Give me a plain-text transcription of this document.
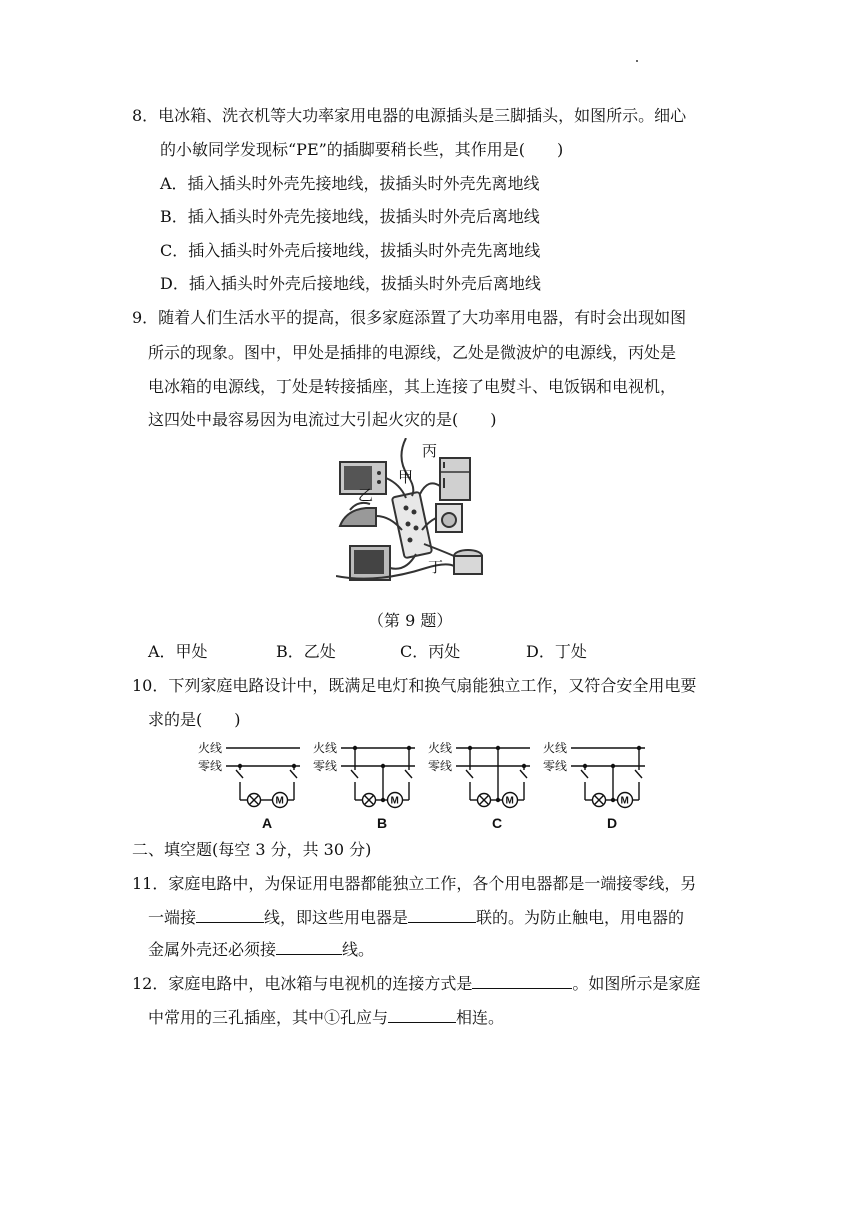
8．电冰箱、洗衣机等大功率家用电器的电源插头是三脚插头，如图所示。细心
的小敏同学发现标“PE”的插脚要稍长些，其作用是(　　)
A．插入插头时外壳先接地线，拔插头时外壳先离地线
B．插入插头时外壳先接地线，拔插头时外壳后离地线
C．插入插头时外壳后接地线，拔插头时外壳先离地线
D．插入插头时外壳后接地线，拔插头时外壳后离地线
9．随着人们生活水平的提高，很多家庭添置了大功率用电器，有时会出现如图
所示的现象。图中，甲处是插排的电源线，乙处是微波炉的电源线，丙处是
电冰箱的电源线，丁处是转接插座，其上连接了电熨斗、电饭锅和电视机，
这四处中最容易因为电流过大引起火灾的是(　　)
丙
甲
乙
丁
（第 9 题）
A．甲处	B．乙处	C．丙处	D．丁处
10．下列家庭电路设计中，既满足电灯和换气扇能独立工作，又符合安全用电要
求的是(　　)
火线
零线
M
A
火线
零线
M
B
火线
零线
M
C
火线
零线
M
D
二、填空题(每空 3 分，共 30 分)
11．家庭电路中，为保证用电器都能独立工作，各个用电器都是一端接零线，另
一端接	线，即这些用电器是	联的。为防止触电，用电器的
金属外壳还必须接	线。
12．家庭电路中，电冰箱与电视机的连接方式是	。如图所示是家庭
中常用的三孔插座，其中①孔应与	相连。
